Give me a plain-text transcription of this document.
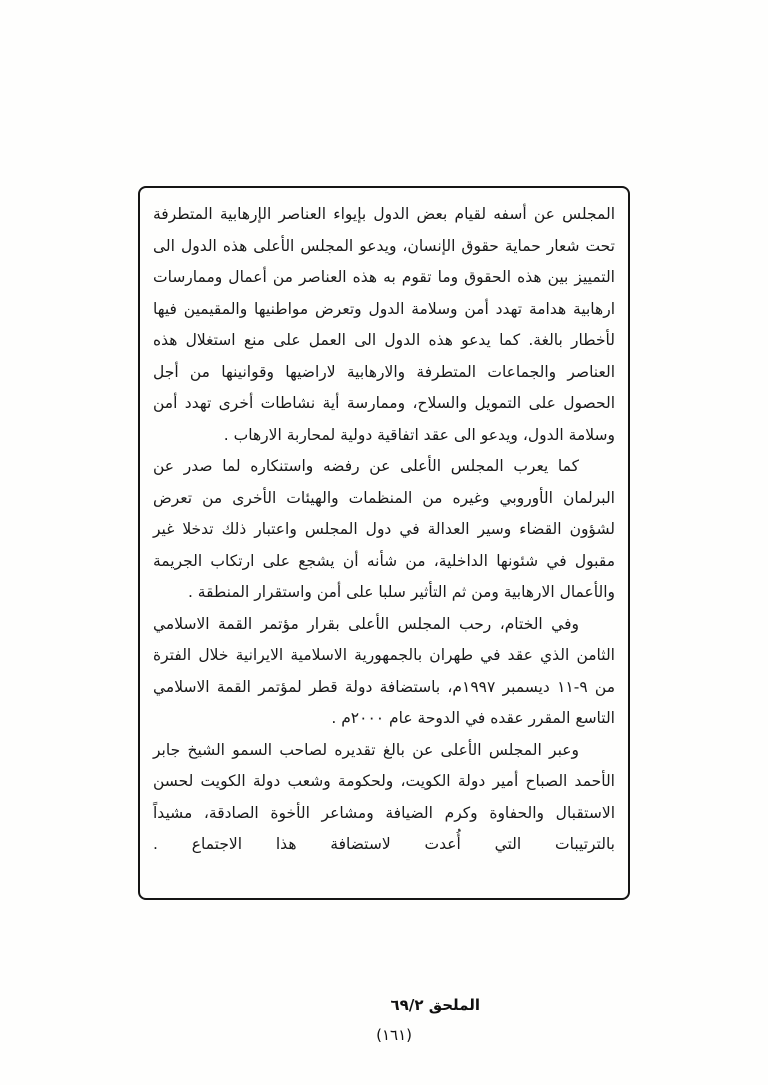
المجلس عن أسفه لقيام بعض الدول بإيواء العناصر الإرهابية المتطرفة تحت شعار حماية حقوق الإنسان، ويدعو المجلس الأعلى هذه الدول الى التمييز بين هذه الحقوق وما تقوم به هذه العناصر من أعمال وممارسات ارهابية هدامة تهدد أمن وسلامة الدول وتعرض مواطنيها والمقيمين فيها لأخطار بالغة. كما يدعو هذه الدول الى العمل على منع استغلال هذه العناصر والجماعات المتطرفة والارهابية لاراضيها وقوانينها من أجل الحصول على التمويل والسلاح، وممارسة أية نشاطات أخرى تهدد أمن وسلامة الدول، ويدعو الى عقد اتفاقية دولية لمحاربة الارهاب .

كما يعرب المجلس الأعلى عن رفضه واستنكاره لما صدر عن البرلمان الأوروبي وغيره من المنظمات والهيئات الأخرى من تعرض لشؤون القضاء وسير العدالة في دول المجلس واعتبار ذلك تدخلا غير مقبول في شئونها الداخلية، من شأنه أن يشجع على ارتكاب الجريمة والأعمال الارهابية ومن ثم التأثير سلبا على أمن واستقرار المنطقة .

وفي الختام، رحب المجلس الأعلى بقرار مؤتمر القمة الاسلامي الثامن الذي عقد في طهران بالجمهورية الاسلامية الايرانية خلال الفترة من ٩-١١ ديسمبر ١٩٩٧م، باستضافة دولة قطر لمؤتمر القمة الاسلامي التاسع المقرر عقده في الدوحة عام ٢٠٠٠م .

وعبر المجلس الأعلى عن بالغ تقديره لصاحب السمو الشيخ جابر الأحمد الصباح أمير دولة الكويت، ولحكومة وشعب دولة الكويت لحسن الاستقبال والحفاوة وكرم الضيافة ومشاعر الأخوة الصادقة، مشيداً بالترتيبات التي أُعدت لاستضافة هذا الاجتماع .

الملحق ٦٩/٢
(١٦١)
